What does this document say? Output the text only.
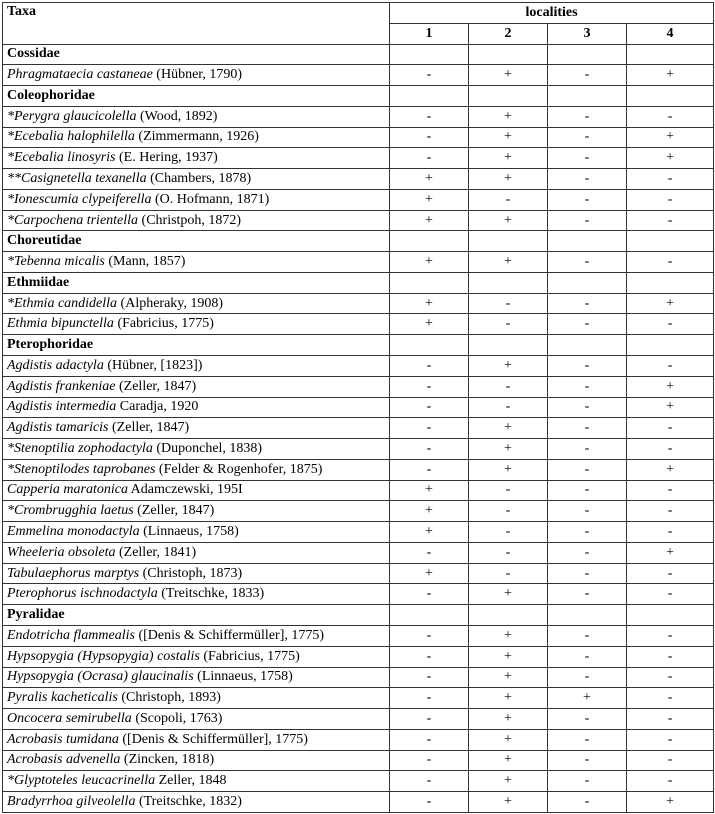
Taxa	localities			
	1	2	3	4
Cossidae				
Phragmataecia castaneae (Hübner, 1790)	-	+	-	+
Coleophoridae				
*Perygra glaucicolella (Wood, 1892)	-	+	-	-
*Ecebalia halophilella (Zimmermann, 1926)	-	+	-	+
*Ecebalia linosyris (E. Hering, 1937)	-	+	-	+
**Casignetella texanella (Chambers, 1878)	+	+	-	-
*Ionescumia clypeiferella (O. Hofmann, 1871)	+	-	-	-
*Carpochena trientella (Christpoh, 1872)	+	+	-	-
Choreutidae				
*Tebenna micalis (Mann, 1857)	+	+	-	-
Ethmiidae				
*Ethmia candidella (Alpheraky, 1908)	+	-	-	+
Ethmia bipunctella (Fabricius, 1775)	+	-	-	-
Pterophoridae				
Agdistis adactyla (Hübner, [1823])	-	+	-	-
Agdistis frankeniae (Zeller, 1847)	-	-	-	+
Agdistis intermedia Caradja, 1920	-	-	-	+
Agdistis tamaricis (Zeller, 1847)	-	+	-	-
*Stenoptilia zophodactyla (Duponchel, 1838)	-	+	-	-
*Stenoptilodes taprobanes (Felder & Rogenhofer, 1875)	-	+	-	+
Capperia maratonica Adamczewski, 195I	+	-	-	-
*Crombrugghia laetus (Zeller, 1847)	+	-	-	-
Emmelina monodactyla (Linnaeus, 1758)	+	-	-	-
Wheeleria obsoleta (Zeller, 1841)	-	-	-	+
Tabulaephorus marptys (Christoph, 1873)	+	-	-	-
Pterophorus ischnodactyla (Treitschke, 1833)	-	+	-	-
Pyralidae				
Endotricha flammealis ([Denis & Schiffermüller], 1775)	-	+	-	-
Hypsopygia (Hypsopygia) costalis (Fabricius, 1775)	-	+	-	-
Hypsopygia (Ocrasa) glaucinalis (Linnaeus, 1758)	-	+	-	-
Pyralis kacheticalis (Christoph, 1893)	-	+	+	-
Oncocera semirubella (Scopoli, 1763)	-	+	-	-
Acrobasis tumidana ([Denis & Schiffermüller], 1775)	-	+	-	-
Acrobasis advenella (Zincken, 1818)	-	+	-	-
*Glyptoteles leucacrinella Zeller, 1848	-	+	-	-
Bradyrrhoa gilveolella (Treitschke, 1832)	-	+	-	+
